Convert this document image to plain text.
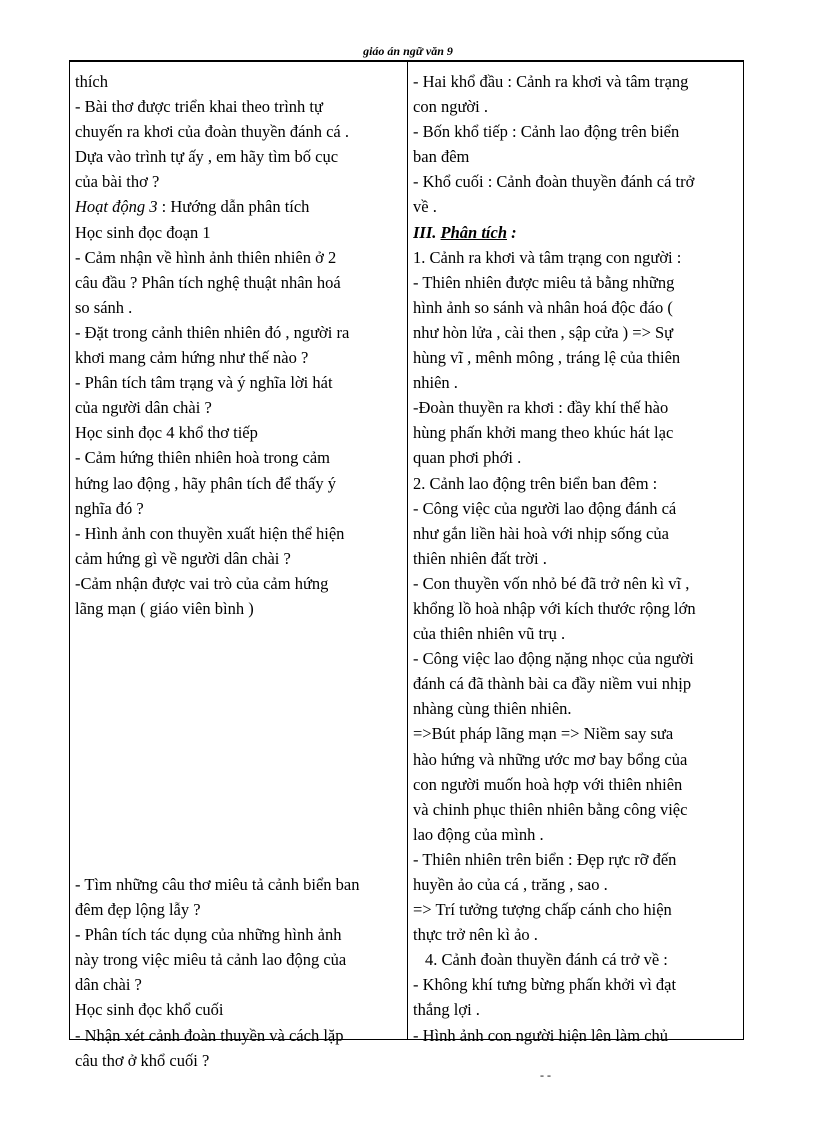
giáo án ngữ văn 9
thích
- Bài thơ được triển khai theo trình tự
chuyến ra khơi của đoàn thuyền đánh cá .
Dựa vào trình tự ấy , em hãy tìm bố cục
của bài thơ ?
Hoạt động 3 : Hướng dẫn phân tích
Học sinh đọc đoạn 1
- Cảm nhận về hình ảnh thiên nhiên ở 2
câu đầu ? Phân tích nghệ thuật nhân hoá
so sánh .
- Đặt trong cảnh thiên nhiên đó , người ra
khơi mang cảm hứng như thế nào ?
- Phân tích tâm trạng và ý nghĩa lời hát
của người dân chài ?
Học sinh đọc 4 khổ thơ tiếp
- Cảm hứng thiên nhiên hoà trong cảm
hứng lao động , hãy phân tích để thấy ý
nghĩa đó ?
- Hình ảnh con thuyền xuất hiện thể hiện
cảm hứng gì về người dân chài ?
-Cảm nhận được vai trò của cảm hứng
lãng mạn ( giáo viên bình )

- Tìm những câu thơ miêu tả cảnh biển ban
đêm đẹp lộng lẫy ?
- Phân tích tác dụng của những hình ảnh
này trong việc miêu tả cảnh lao động của
dân chài ?
Học sinh đọc khổ cuối
- Nhận xét cảnh đoàn thuyền và cách lặp
câu thơ ở khổ cuối ?
- Hai khổ đầu : Cảnh ra khơi và tâm trạng
con người .
- Bốn khổ tiếp : Cảnh lao động trên biển
ban đêm
- Khổ cuối : Cảnh đoàn thuyền đánh cá trở
về .
III. Phân tích :
1. Cảnh ra khơi và tâm trạng con người :
- Thiên nhiên được miêu tả bằng những
hình ảnh so sánh và nhân hoá độc đáo (
như hòn lửa , cài then , sập cửa ) => Sự
hùng vĩ , mênh mông , tráng lệ của thiên
nhiên .
-Đoàn thuyền ra khơi : đầy khí thế hào
hùng phấn khởi mang theo khúc hát lạc
quan phơi phới .
2. Cảnh lao động trên biển ban đêm :
- Công việc của người lao động đánh cá
như gắn liền hài hoà với nhịp sống của
thiên nhiên đất trời .
- Con thuyền vốn nhỏ bé đã trở nên kì vĩ ,
khổng lồ hoà nhập với kích thước rộng lớn
của thiên nhiên vũ trụ .
- Công việc lao động nặng nhọc của người
đánh cá đã thành bài ca đầy niềm vui nhịp
nhàng cùng thiên nhiên.
=>Bút pháp lãng mạn => Niềm say sưa
hào hứng và những ước mơ bay bổng của
con người muốn hoà hợp với thiên nhiên
và chinh phục thiên nhiên bằng công việc
lao động của mình .
- Thiên nhiên trên biển : Đẹp rực rỡ đến
huyền ảo của cá , trăng , sao .
=> Trí tưởng tượng chấp cánh cho hiện
thực trở nên kì ảo .
4. Cảnh đoàn thuyền đánh cá trở về :
- Không khí tưng bừng phấn khởi vì đạt
thắng lợi .
- Hình ảnh con người hiện lên làm chủ
- -
